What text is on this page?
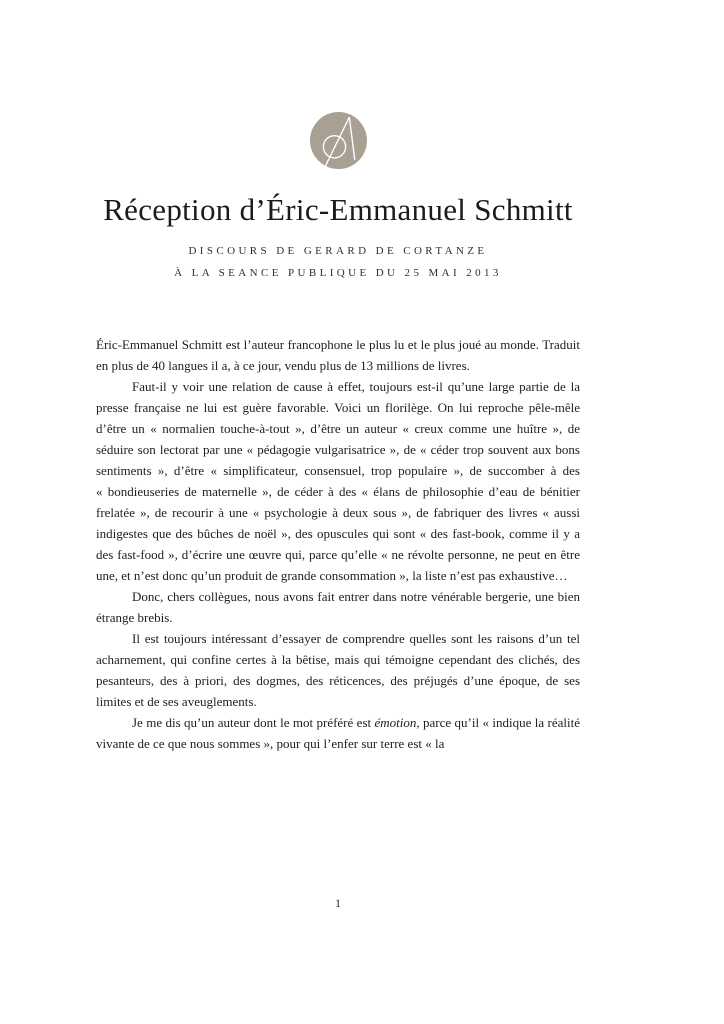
Réception d’Éric-Emmanuel Schmitt
DISCOURS DE GERARD DE CORTANZE
À LA SEANCE PUBLIQUE DU 25 MAI 2013

Éric-Emmanuel Schmitt est l’auteur francophone le plus lu et le plus joué au monde. Traduit en plus de 40 langues il a, à ce jour, vendu plus de 13 millions de livres.

Faut-il y voir une relation de cause à effet, toujours est-il qu’une large partie de la presse française ne lui est guère favorable. Voici un florilège. On lui reproche pêle-mêle d’être un « normalien touche-à-tout », d’être un auteur « creux comme une huître », de séduire son lectorat par une « pédagogie vulgarisatrice », de « céder trop souvent aux bons sentiments », d’être « simplificateur, consensuel, trop populaire », de succomber à des « bondieuseries de maternelle », de céder à des « élans de philosophie d’eau de bénitier frelatée », de recourir à une « psychologie à deux sous », de fabriquer des livres « aussi indigestes que des bûches de noël », des opuscules qui sont « des fast-book, comme il y a des fast-food », d’écrire une œuvre qui, parce qu’elle « ne révolte personne, ne peut en être une, et n’est donc qu’un produit de grande consommation », la liste n’est pas exhaustive…

Donc, chers collègues, nous avons fait entrer dans notre vénérable bergerie, une bien étrange brebis.

Il est toujours intéressant d’essayer de comprendre quelles sont les raisons d’un tel acharnement, qui confine certes à la bêtise, mais qui témoigne cependant des clichés, des pesanteurs, des à priori, des dogmes, des réticences, des préjugés d’une époque, de ses limites et de ses aveuglements.

Je me dis qu’un auteur dont le mot préféré est émotion, parce qu’il « indique la réalité vivante de ce que nous sommes », pour qui l’enfer sur terre est « la

1
